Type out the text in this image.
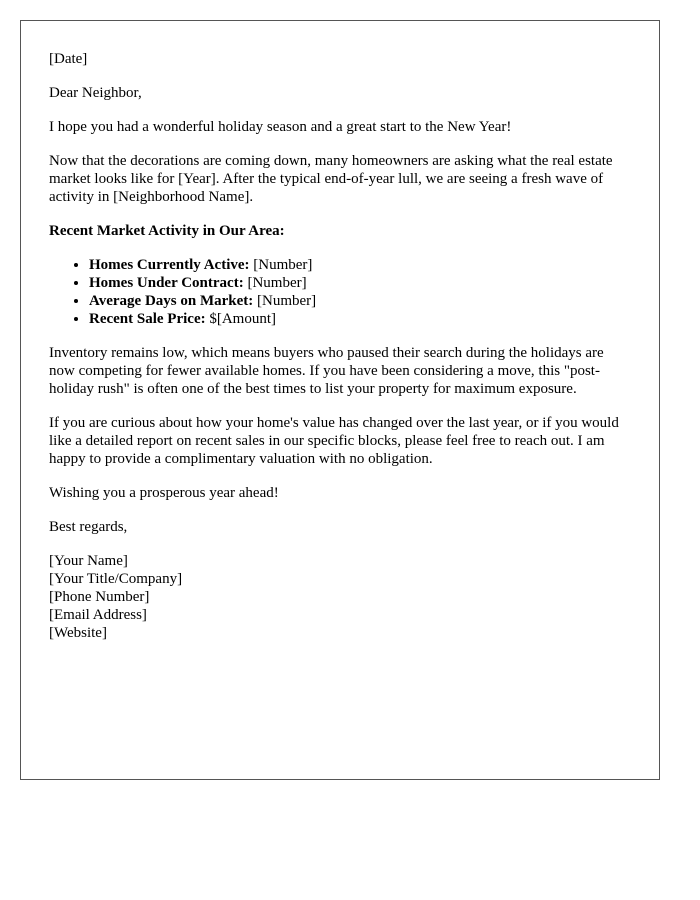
[Date]

Dear Neighbor,

I hope you had a wonderful holiday season and a great start to the New Year!

Now that the decorations are coming down, many homeowners are asking what the real estate market looks like for [Year]. After the typical end-of-year lull, we are seeing a fresh wave of activity in [Neighborhood Name].

Recent Market Activity in Our Area:
• Homes Currently Active: [Number]
• Homes Under Contract: [Number]
• Average Days on Market: [Number]
• Recent Sale Price: $[Amount]

Inventory remains low, which means buyers who paused their search during the holidays are now competing for fewer available homes. If you have been considering a move, this "post-holiday rush" is often one of the best times to list your property for maximum exposure.

If you are curious about how your home's value has changed over the last year, or if you would like a detailed report on recent sales in our specific blocks, please feel free to reach out. I am happy to provide a complimentary valuation with no obligation.

Wishing you a prosperous year ahead!

Best regards,

[Your Name]
[Your Title/Company]
[Phone Number]
[Email Address]
[Website]
